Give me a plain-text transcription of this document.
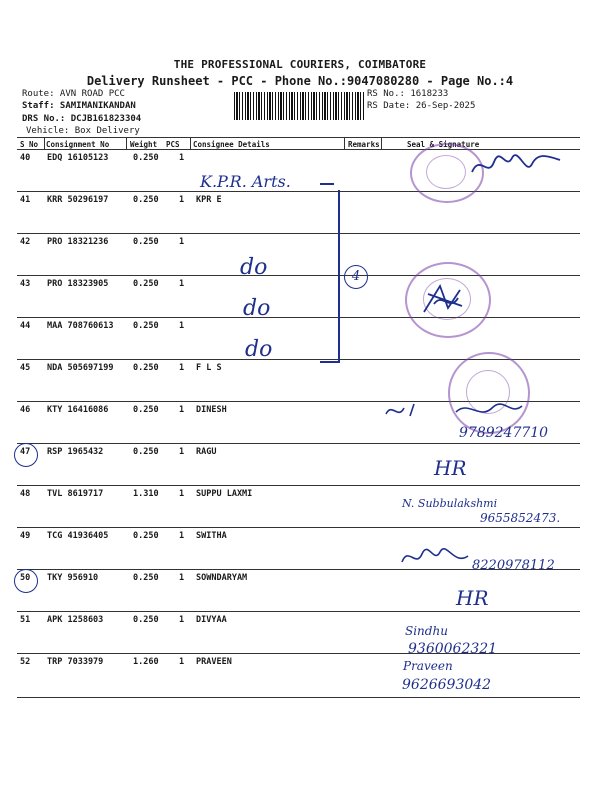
THE PROFESSIONAL COURIERS, COIMBATORE
Delivery Runsheet - PCC - Phone No.:9047080280 - Page No.:4
Route: AVN ROAD PCC
Staff: SAMIMANIKANDAN
DRS No.: DCJB161823304
Vehicle: Box Delivery
RS No.: 1618233
RS Date: 26-Sep-2025
S No Consignment No	Weight PCS Consignee Details	Remarks	Seal & Signature
40 EDQ 16105123	0.250 1
41 KRR 50296197	0.250 1 KPR E
42 PRO 18321236	0.250 1
43 PRO 18323905	0.250 1
44 MAA 708760613 0.250 1
45 NDA 505697199 0.250 1 F L S
46 KTY 16416086	0.250 1 DINESH
47 RSP 1965432	0.250 1 RAGU
48 TVL 8619717	1.310 1 SUPPU LAXMI
49 TCG 41936405	0.250 1 SWITHA
50 TKY 956910	0.250 1 SOWNDARYAM
51 APK 1258603	0.250 1 DIVYAA
52 TRP 7033979	1.260 1 PRAVEEN
K.P.R. Arts.
do
do
do
4
9789247710
HR
N. Subbulakshmi
9655852473.
8220978112
HR
Sindhu
9360062321
Praveen
9626693042
